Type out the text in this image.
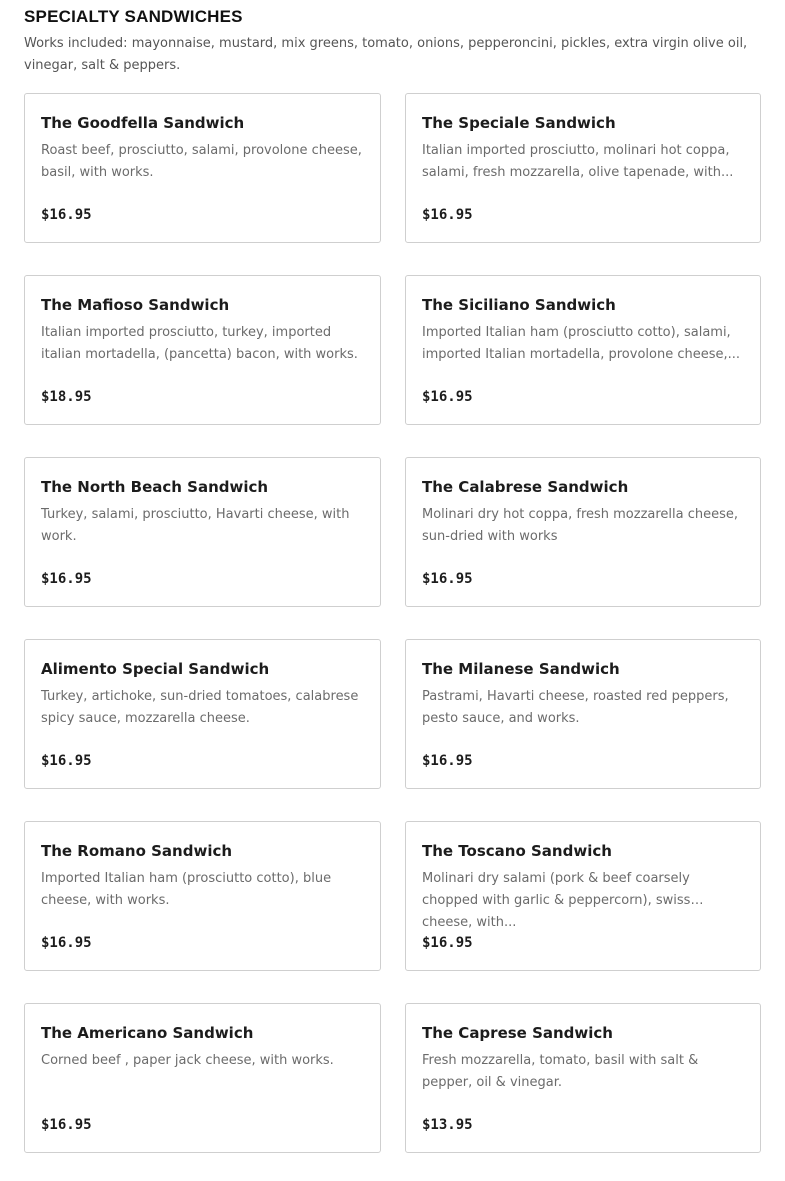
SPECIALTY SANDWICHES

Works included: mayonnaise, mustard, mix greens, tomato, onions, pepperoncini, pickles, extra virgin olive oil, vinegar, salt & peppers.

The Goodfella Sandwich

Roast beef, prosciutto, salami, provolone cheese, basil, with works.

$16.95
The Speciale Sandwich

Italian imported prosciutto, molinari hot coppa, salami, fresh mozzarella, olive tapenade, with...

$16.95
The Mafioso Sandwich

Italian imported prosciutto, turkey, imported italian mortadella, (pancetta) bacon, with works.

$18.95
The Siciliano Sandwich

Imported Italian ham (prosciutto cotto), salami, imported Italian mortadella, provolone cheese,...

$16.95
The North Beach Sandwich

Turkey, salami, prosciutto, Havarti cheese, with work.

$16.95
The Calabrese Sandwich

Molinari dry hot coppa, fresh mozzarella cheese, sun-dried with works

$16.95
Alimento Special Sandwich

Turkey, artichoke, sun-dried tomatoes, calabrese spicy sauce, mozzarella cheese.

$16.95
The Milanese Sandwich

Pastrami, Havarti cheese, roasted red peppers, pesto sauce, and works.

$16.95
The Romano Sandwich

Imported Italian ham (prosciutto cotto), blue cheese, with works.

$16.95
The Toscano Sandwich

Molinari dry salami (pork & beef coarsely chopped with garlic & peppercorn), swiss cheese, with...

$16.95
The Americano Sandwich

Corned beef , paper jack cheese, with works.

$16.95
The Caprese Sandwich

Fresh mozzarella, tomato, basil with salt & pepper, oil & vinegar.

$13.95
